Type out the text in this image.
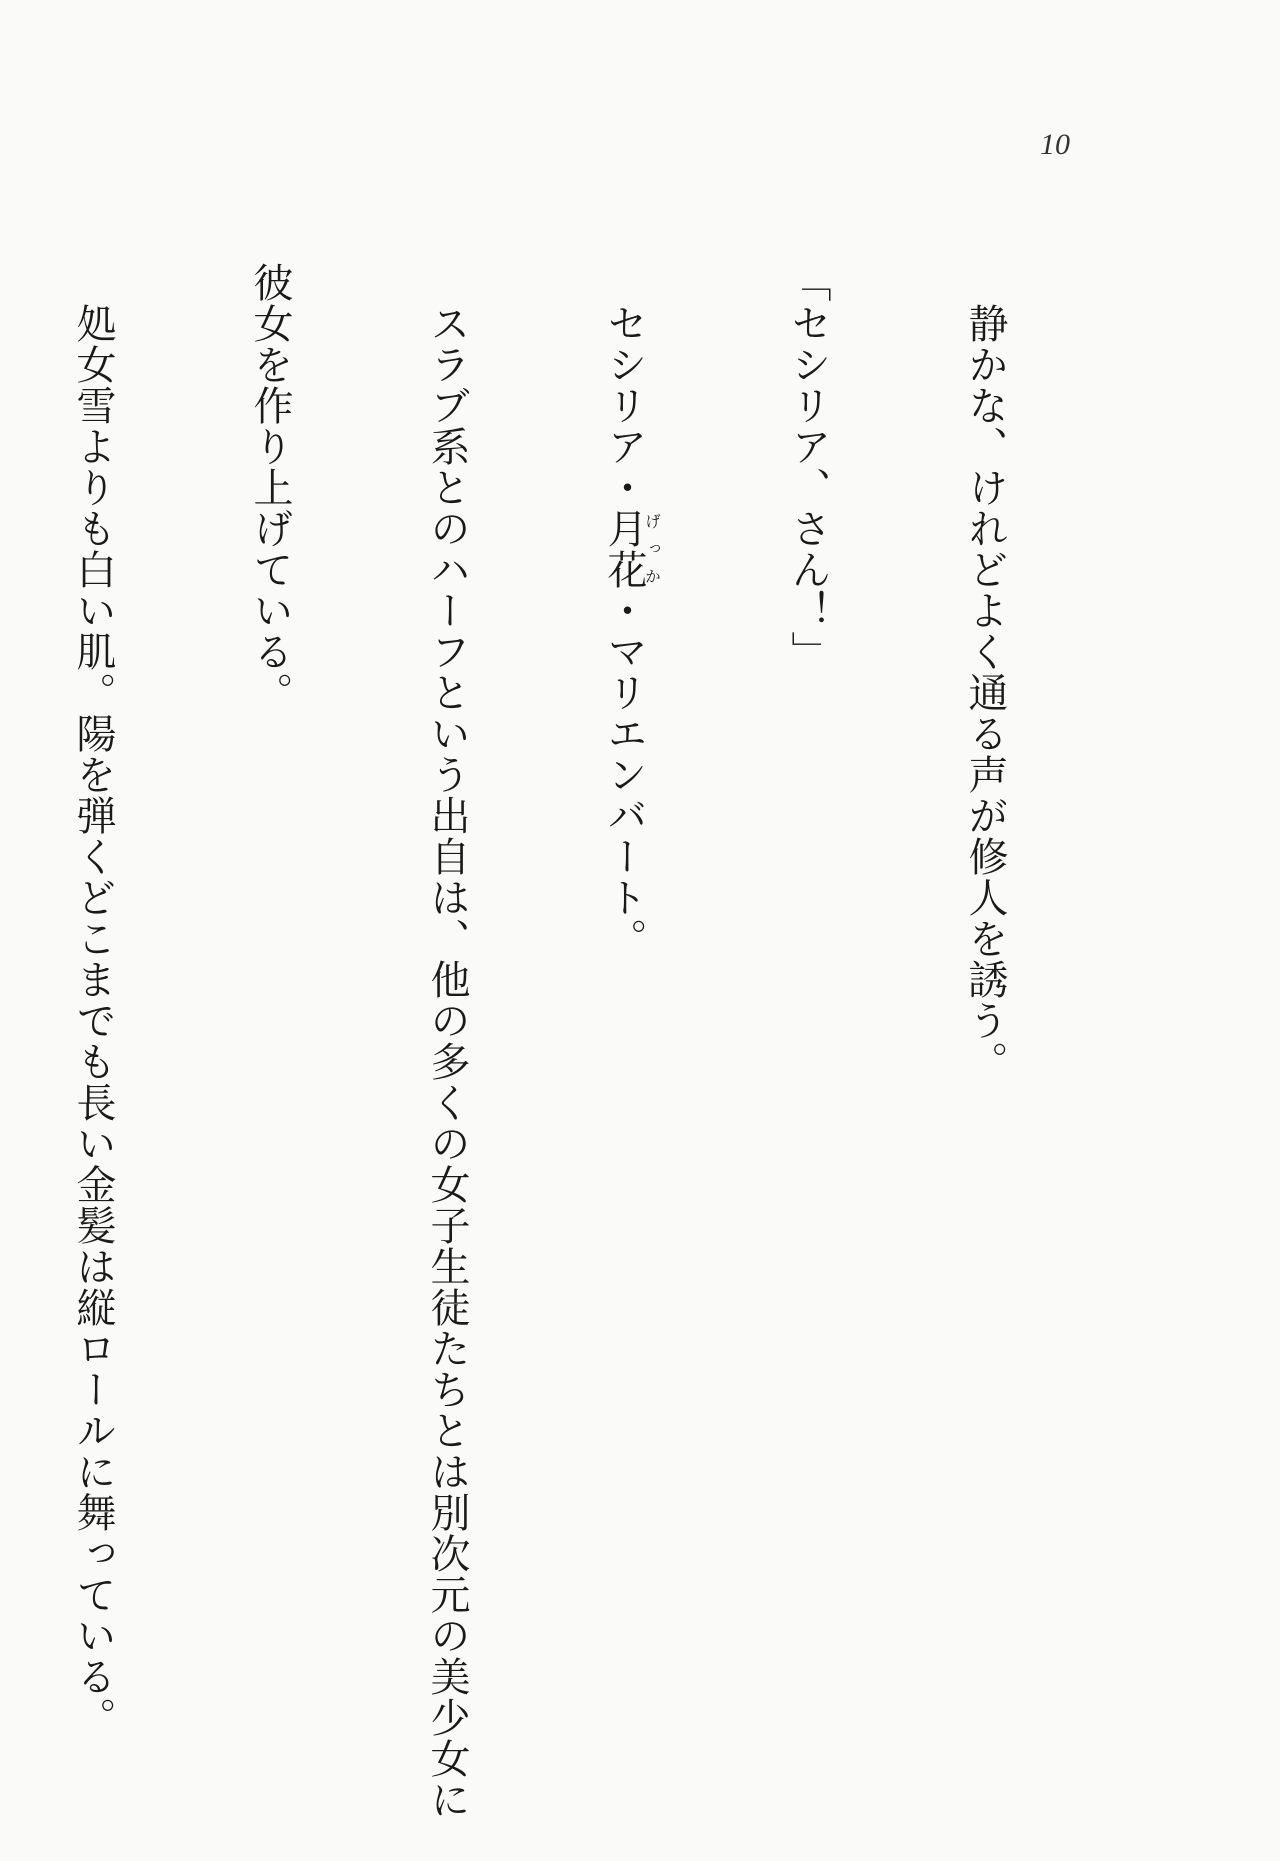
10

　静かな、けれどよく通る声が修人を誘う。

「セシリア、さん！」

　セシリア・月花げっか・マリエンバート。

　スラブ系とのハーフという出自は、他の多くの女子生徒たちとは別次元の美少女に

彼女を作り上げている。

　処女雪よりも白い肌。陽を弾くどこまでも長い金髪は縦ロールに舞っている。
